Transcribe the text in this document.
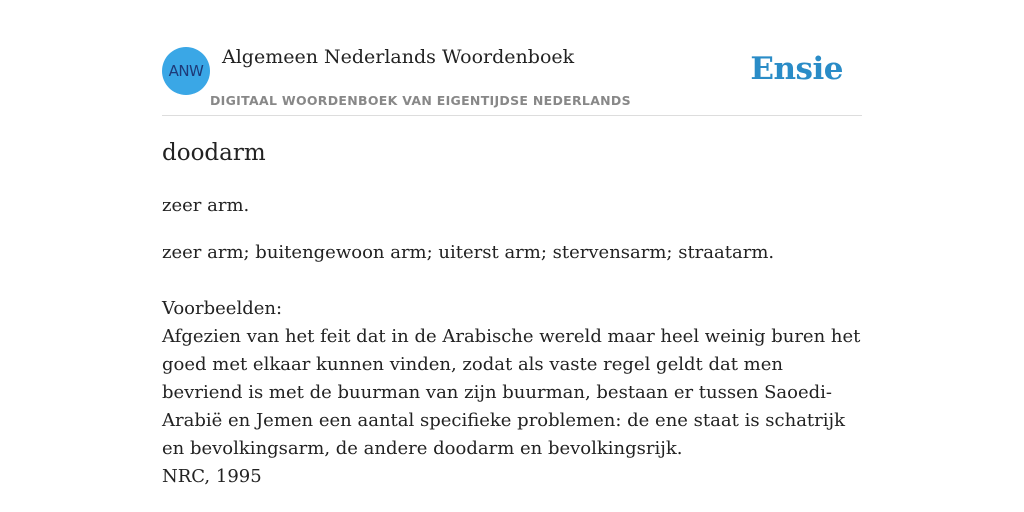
ANW
Algemeen Nederlands Woordenboek
DIGITAAL WOORDENBOEK VAN EIGENTIJDSE NEDERLANDS
Ensie
doodarm
zeer arm.
zeer arm; buitengewoon arm; uiterst arm; stervensarm; straatarm.

Voorbeelden:

Afgezien van het feit dat in de Arabische wereld maar heel weinig buren het goed met elkaar kunnen vinden, zodat als vaste regel geldt dat men bevriend is met de buurman van zijn buurman, bestaan er tussen Saoedi-Arabië en Jemen een aantal specifieke problemen: de ene staat is schatrijk en bevolkingsarm, de andere doodarm en bevolkingsrijk.

NRC, 1995
